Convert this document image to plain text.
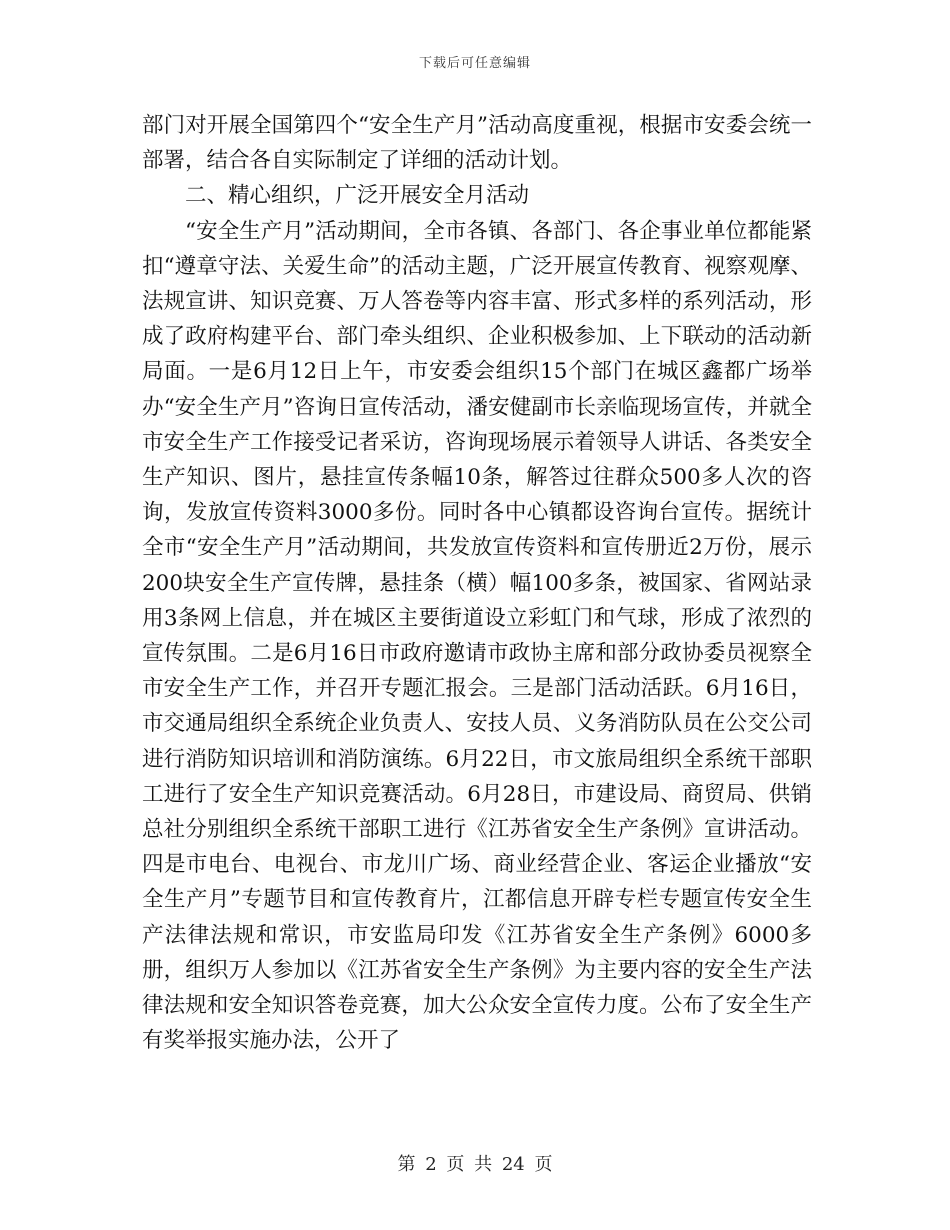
下载后可任意编辑

部门对开展全国第四个“安全生产月”活动高度重视，根据市安委会统一部署，结合各自实际制定了详细的活动计划。

二、精心组织，广泛开展安全月活动

“安全生产月”活动期间，全市各镇、各部门、各企事业单位都能紧扣“遵章守法、关爱生命”的活动主题，广泛开展宣传教育、视察观摩、法规宣讲、知识竞赛、万人答卷等内容丰富、形式多样的系列活动，形成了政府构建平台、部门牵头组织、企业积极参加、上下联动的活动新局面。一是6月12日上午，市安委会组织15个部门在城区鑫都广场举办“安全生产月”咨询日宣传活动，潘安健副市长亲临现场宣传，并就全市安全生产工作接受记者采访，咨询现场展示着领导人讲话、各类安全生产知识、图片，悬挂宣传条幅10条，解答过往群众500多人次的咨询，发放宣传资料3000多份。同时各中心镇都设咨询台宣传。据统计全市“安全生产月”活动期间，共发放宣传资料和宣传册近2万份，展示200块安全生产宣传牌，悬挂条（横）幅100多条，被国家、省网站录用3条网上信息，并在城区主要街道设立彩虹门和气球，形成了浓烈的宣传氛围。二是6月16日市政府邀请市政协主席和部分政协委员视察全市安全生产工作，并召开专题汇报会。三是部门活动活跃。6月16日，市交通局组织全系统企业负责人、安技人员、义务消防队员在公交公司进行消防知识培训和消防演练。6月22日，市文旅局组织全系统干部职工进行了安全生产知识竞赛活动。6月28日，市建设局、商贸局、供销总社分别组织全系统干部职工进行《江苏省安全生产条例》宣讲活动。四是市电台、电视台、市龙川广场、商业经营企业、客运企业播放“安全生产月”专题节目和宣传教育片，江都信息开辟专栏专题宣传安全生产法律法规和常识，市安监局印发《江苏省安全生产条例》6000多册，组织万人参加以《江苏省安全生产条例》为主要内容的安全生产法律法规和安全知识答卷竞赛，加大公众安全宣传力度。公布了安全生产有奖举报实施办法，公开了

第 2 页 共 24 页
